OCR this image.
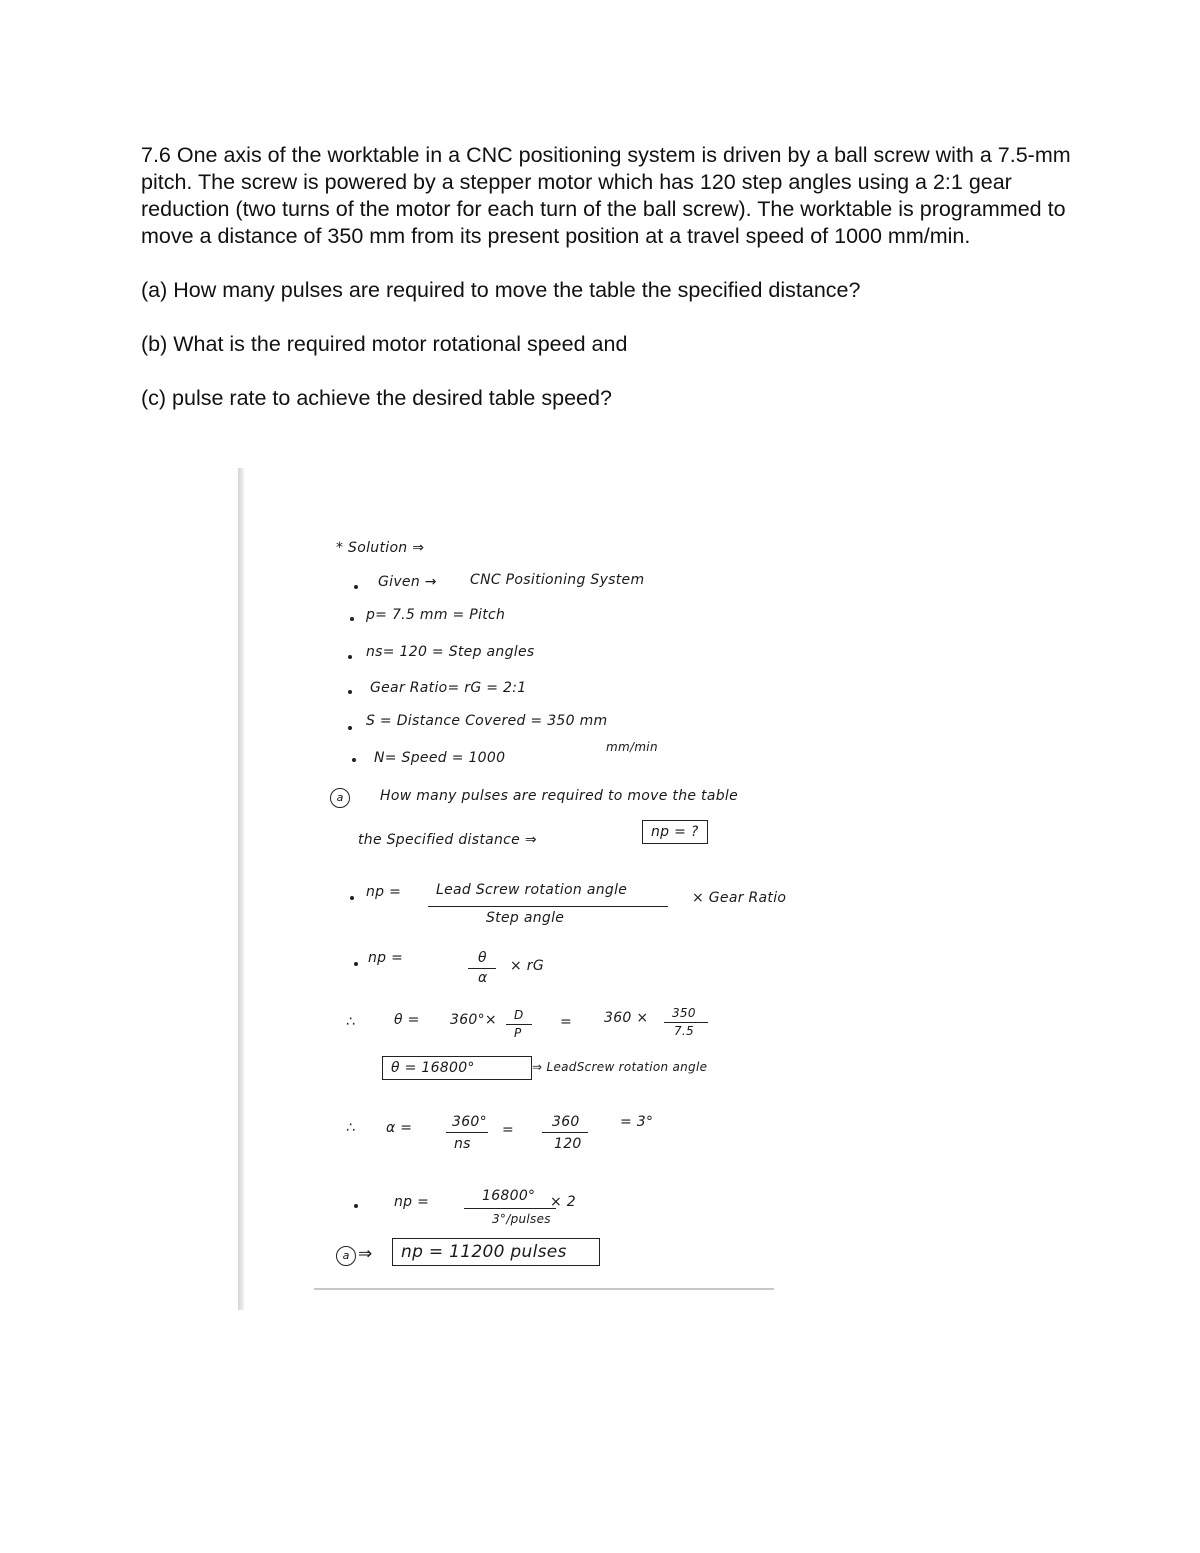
7.6 One axis of the worktable in a CNC positioning system is driven by a ball screw with a 7.5-mm pitch. The screw is powered by a stepper motor which has 120 step angles using a 2:1 gear reduction (two turns of the motor for each turn of the ball screw). The worktable is programmed to move a distance of 350 mm from its present position at a travel speed of 1000 mm/min.

(a) How many pulses are required to move the table the specified distance?

(b) What is the required motor rotational speed and

(c) pulse rate to achieve the desired table speed?

* Solution ⇒
Given → CNC Positioning System
p= 7.5 mm = Pitch
ns= 120 = Step angles
Gear Ratio= rG = 2:1
S = Distance Covered = 350 mm
N= Speed = 1000
mm/min
a	How many pulses are required to move the table
the Specified distance ⇒	np = ?
np = Lead Screw rotation angle
Step angle
× Gear Ratio
np =	θ
α
× rG
∴	θ = 360°× D
P
= 360 × 350
7.5
θ = 16800°	⇒ LeadScrew rotation angle
∴ α =	360°
ns
=	360
120
= 3°
np =	16800°
3°/pulses
× 2
a ⇒	np = 11200 pulses
